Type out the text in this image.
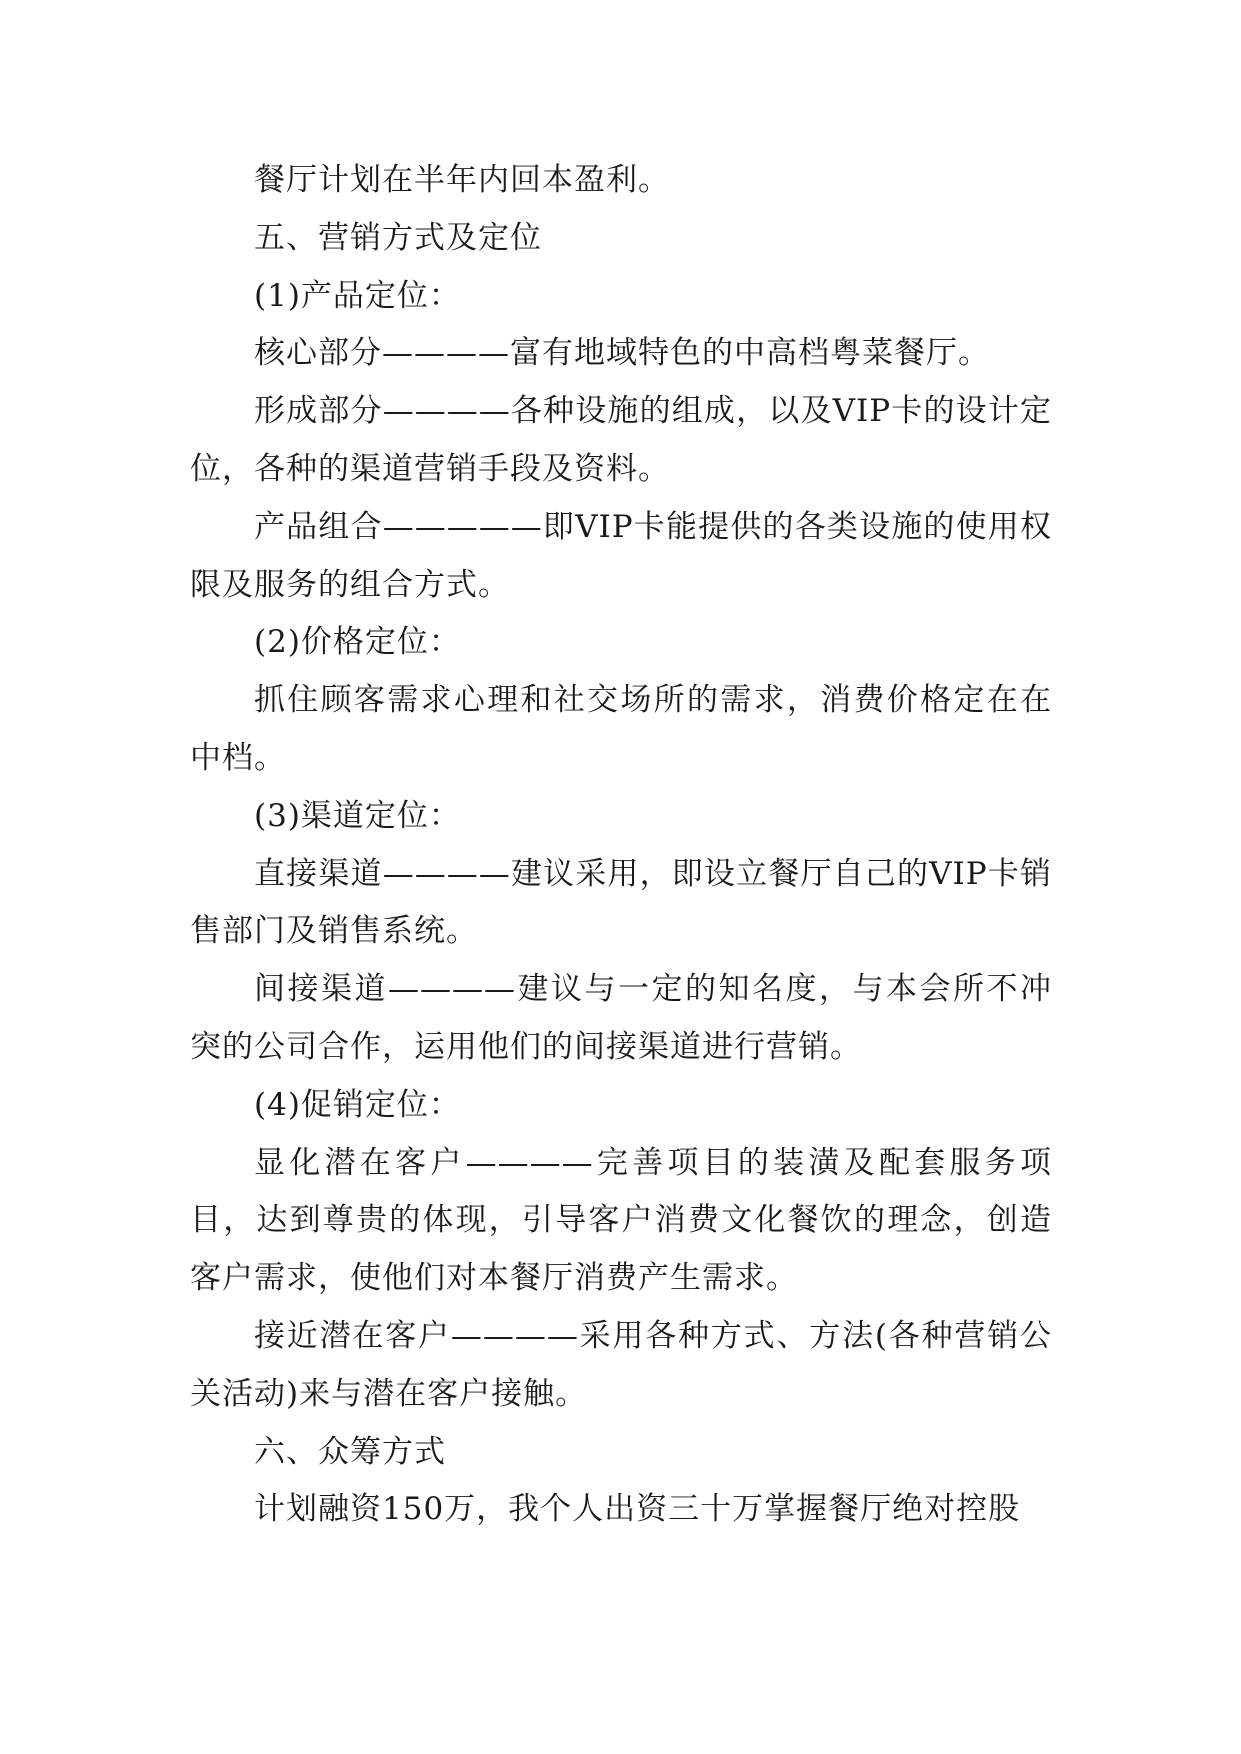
餐厅计划在半年内回本盈利。

五、营销方式及定位

(1)产品定位：

核心部分————富有地域特色的中高档粤菜餐厅。

形成部分————各种设施的组成，以及VIP卡的设计定位，各种的渠道营销手段及资料。

产品组合—————即VIP卡能提供的各类设施的使用权限及服务的组合方式。

(2)价格定位：

抓住顾客需求心理和社交场所的需求，消费价格定在在中档。

(3)渠道定位：

直接渠道————建议采用，即设立餐厅自己的VIP卡销售部门及销售系统。

间接渠道————建议与一定的知名度，与本会所不冲突的公司合作，运用他们的间接渠道进行营销。

(4)促销定位：

显化潜在客户————完善项目的装潢及配套服务项目，达到尊贵的体现，引导客户消费文化餐饮的理念，创造客户需求，使他们对本餐厅消费产生需求。

接近潜在客户————采用各种方式、方法(各种营销公关活动)来与潜在客户接触。

六、众筹方式

计划融资150万，我个人出资三十万掌握餐厅绝对控股
